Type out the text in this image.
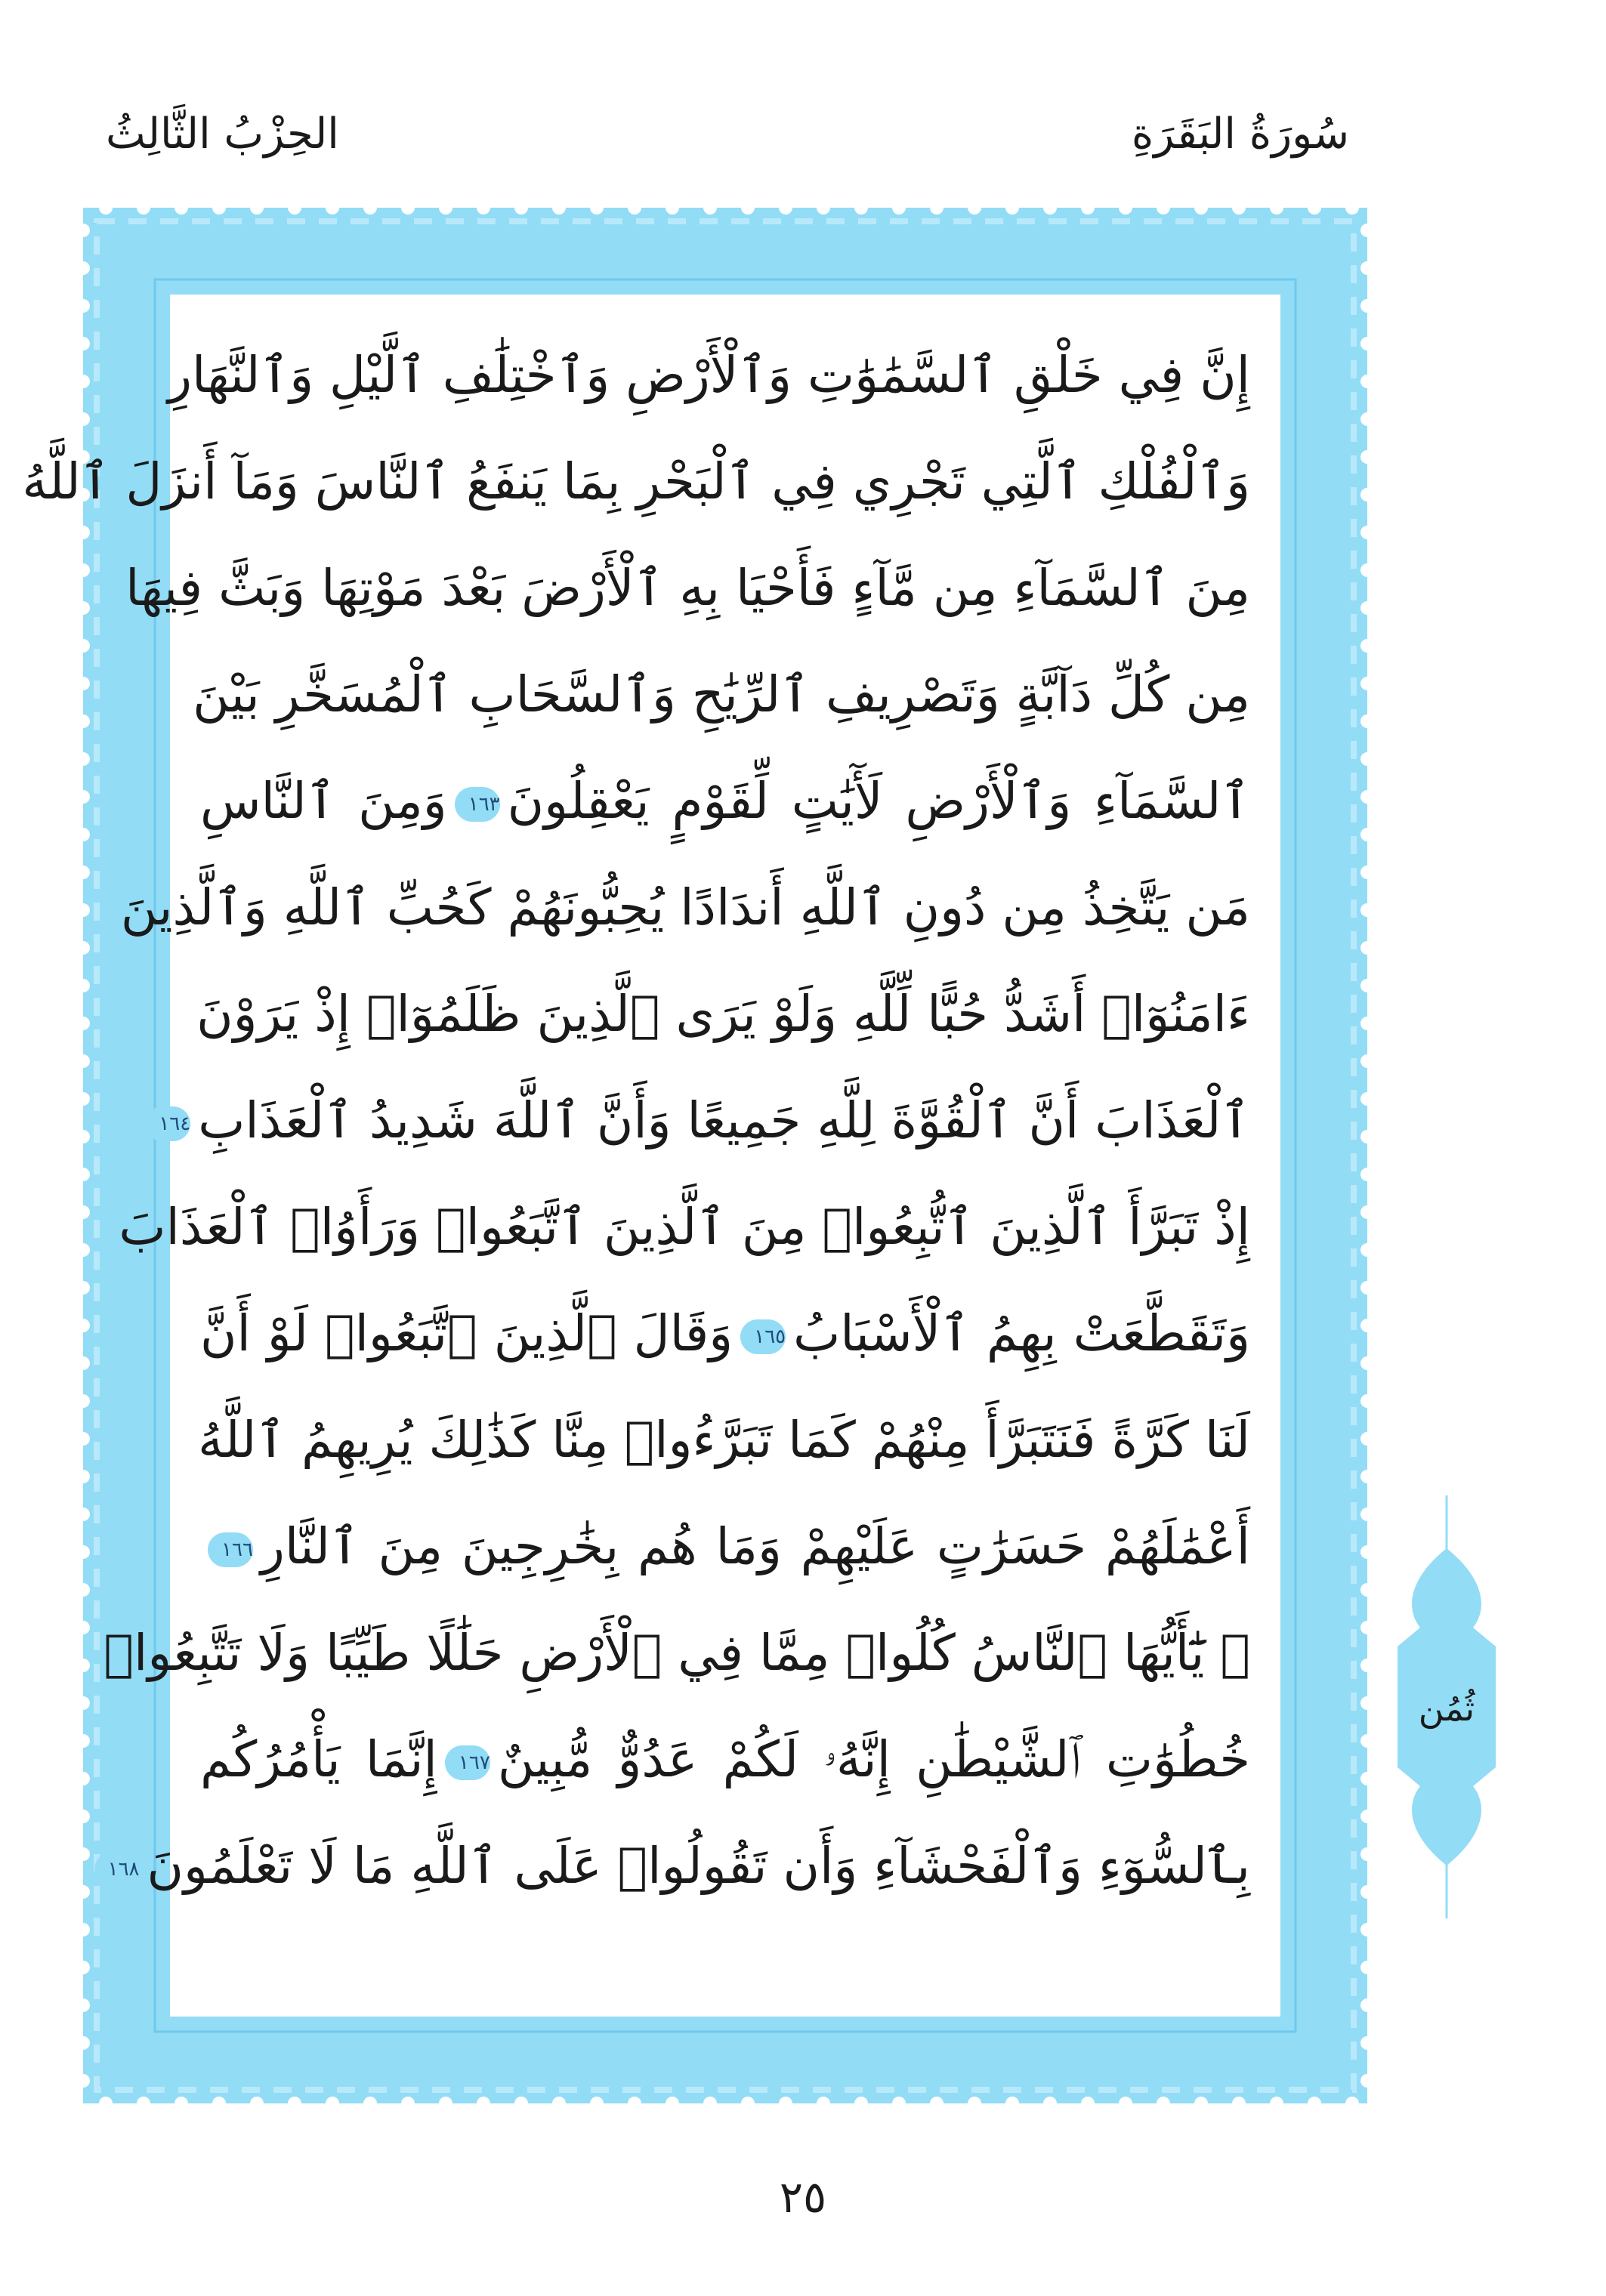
سُورَةُ البَقَرَةِ
الحِزْبُ الثَّالِثُ
إِنَّ فِي خَلْقِ ٱلسَّمَٰوَٰتِ وَٱلْأَرْضِ وَٱخْتِلَٰفِ ٱلَّيْلِ وَٱلنَّهَارِ
وَٱلْفُلْكِ ٱلَّتِي تَجْرِي فِي ٱلْبَحْرِ بِمَا يَنفَعُ ٱلنَّاسَ وَمَآ أَنزَلَ ٱللَّهُ
مِنَ ٱلسَّمَآءِ مِن مَّآءٍ فَأَحْيَا بِهِ ٱلْأَرْضَ بَعْدَ مَوْتِهَا وَبَثَّ فِيهَا
مِن كُلِّ دَآبَّةٍ وَتَصْرِيفِ ٱلرِّيَٰحِ وَٱلسَّحَابِ ٱلْمُسَخَّرِ بَيْنَ
ٱلسَّمَآءِ وَٱلْأَرْضِ لَأٓيَٰتٍ لِّقَوْمٍ يَعْقِلُونَ١٦٣وَمِنَ ٱلنَّاسِ
مَن يَتَّخِذُ مِن دُونِ ٱللَّهِ أَندَادًا يُحِبُّونَهُمْ كَحُبِّ ٱللَّهِ وَٱلَّذِينَ
ءَامَنُوٓا۟ أَشَدُّ حُبًّا لِّلَّهِ وَلَوْ يَرَى ٱلَّذِينَ ظَلَمُوٓا۟ إِذْ يَرَوْنَ
ٱلْعَذَابَ أَنَّ ٱلْقُوَّةَ لِلَّهِ جَمِيعًا وَأَنَّ ٱللَّهَ شَدِيدُ ٱلْعَذَابِ١٦٤
إِذْ تَبَرَّأَ ٱلَّذِينَ ٱتُّبِعُوا۟ مِنَ ٱلَّذِينَ ٱتَّبَعُوا۟ وَرَأَوُا۟ ٱلْعَذَابَ
وَتَقَطَّعَتْ بِهِمُ ٱلْأَسْبَابُ١٦٥وَقَالَ ٱلَّذِينَ ٱتَّبَعُوا۟ لَوْ أَنَّ
لَنَا كَرَّةً فَنَتَبَرَّأَ مِنْهُمْ كَمَا تَبَرَّءُوا۟ مِنَّا كَذَٰلِكَ يُرِيهِمُ ٱللَّهُ
أَعْمَٰلَهُمْ حَسَرَٰتٍ عَلَيْهِمْ وَمَا هُم بِخَٰرِجِينَ مِنَ ٱلنَّارِ١٦٦
۞ يَٰٓأَيُّهَا ٱلنَّاسُ كُلُوا۟ مِمَّا فِي ٱلْأَرْضِ حَلَٰلًا طَيِّبًا وَلَا تَتَّبِعُوا۟
خُطُوَٰتِ ٱلشَّيْطَٰنِ إِنَّهُۥ لَكُمْ عَدُوٌّ مُّبِينٌ١٦٧إِنَّمَا يَأْمُرُكُم
بِٱلسُّوٓءِ وَٱلْفَحْشَآءِ وَأَن تَقُولُوا۟ عَلَى ٱللَّهِ مَا لَا تَعْلَمُونَ١٦٨
ثُمُن
٢٥
